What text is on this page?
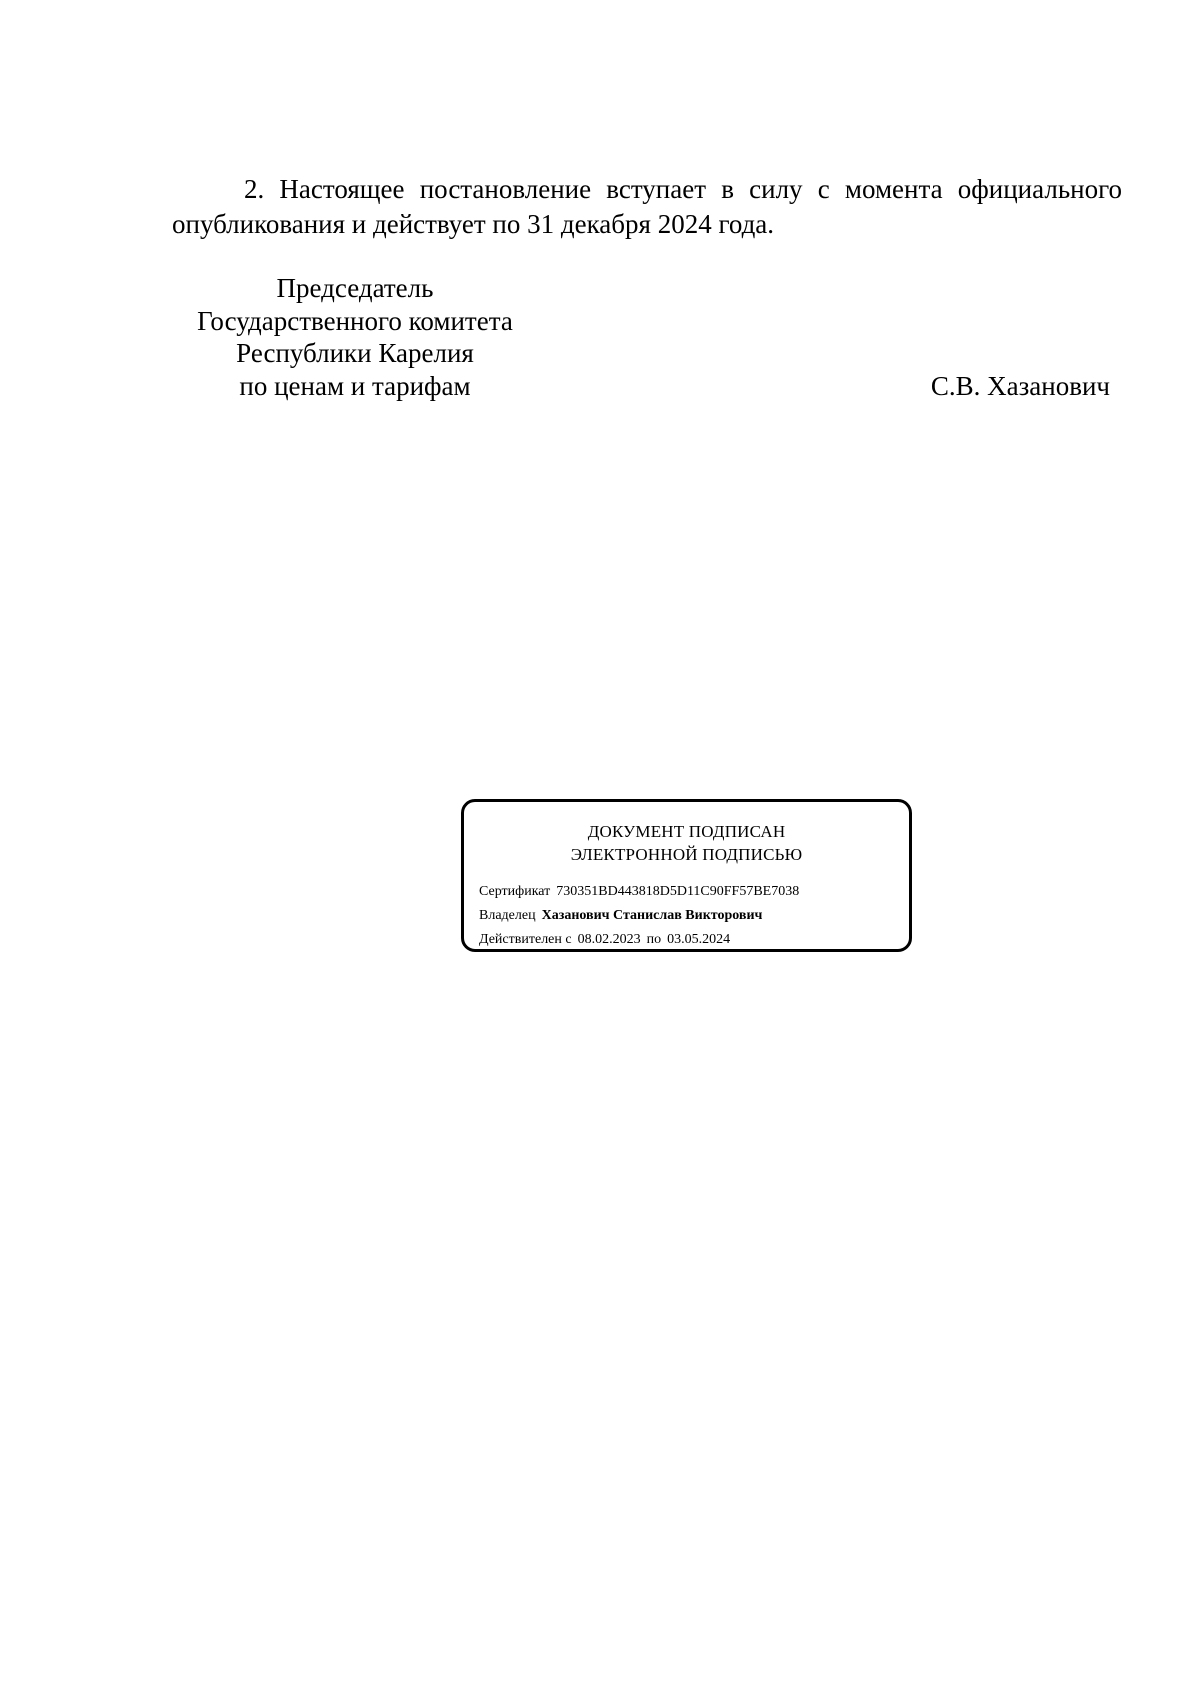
2. Настоящее постановление вступает в силу с момента официального опубликования и действует по 31 декабря 2024 года.

Председатель
Государственного комитета
Республики Карелия
по ценам и тарифам	С.В. Хазанович
ДОКУМЕНТ ПОДПИСАН
ЭЛЕКТРОННОЙ ПОДПИСЬЮ
Сертификат 730351BD443818D5D11C90FF57BE7038
Владелец Хазанович Станислав Викторович
Действителен с 08.02.2023 по 03.05.2024
